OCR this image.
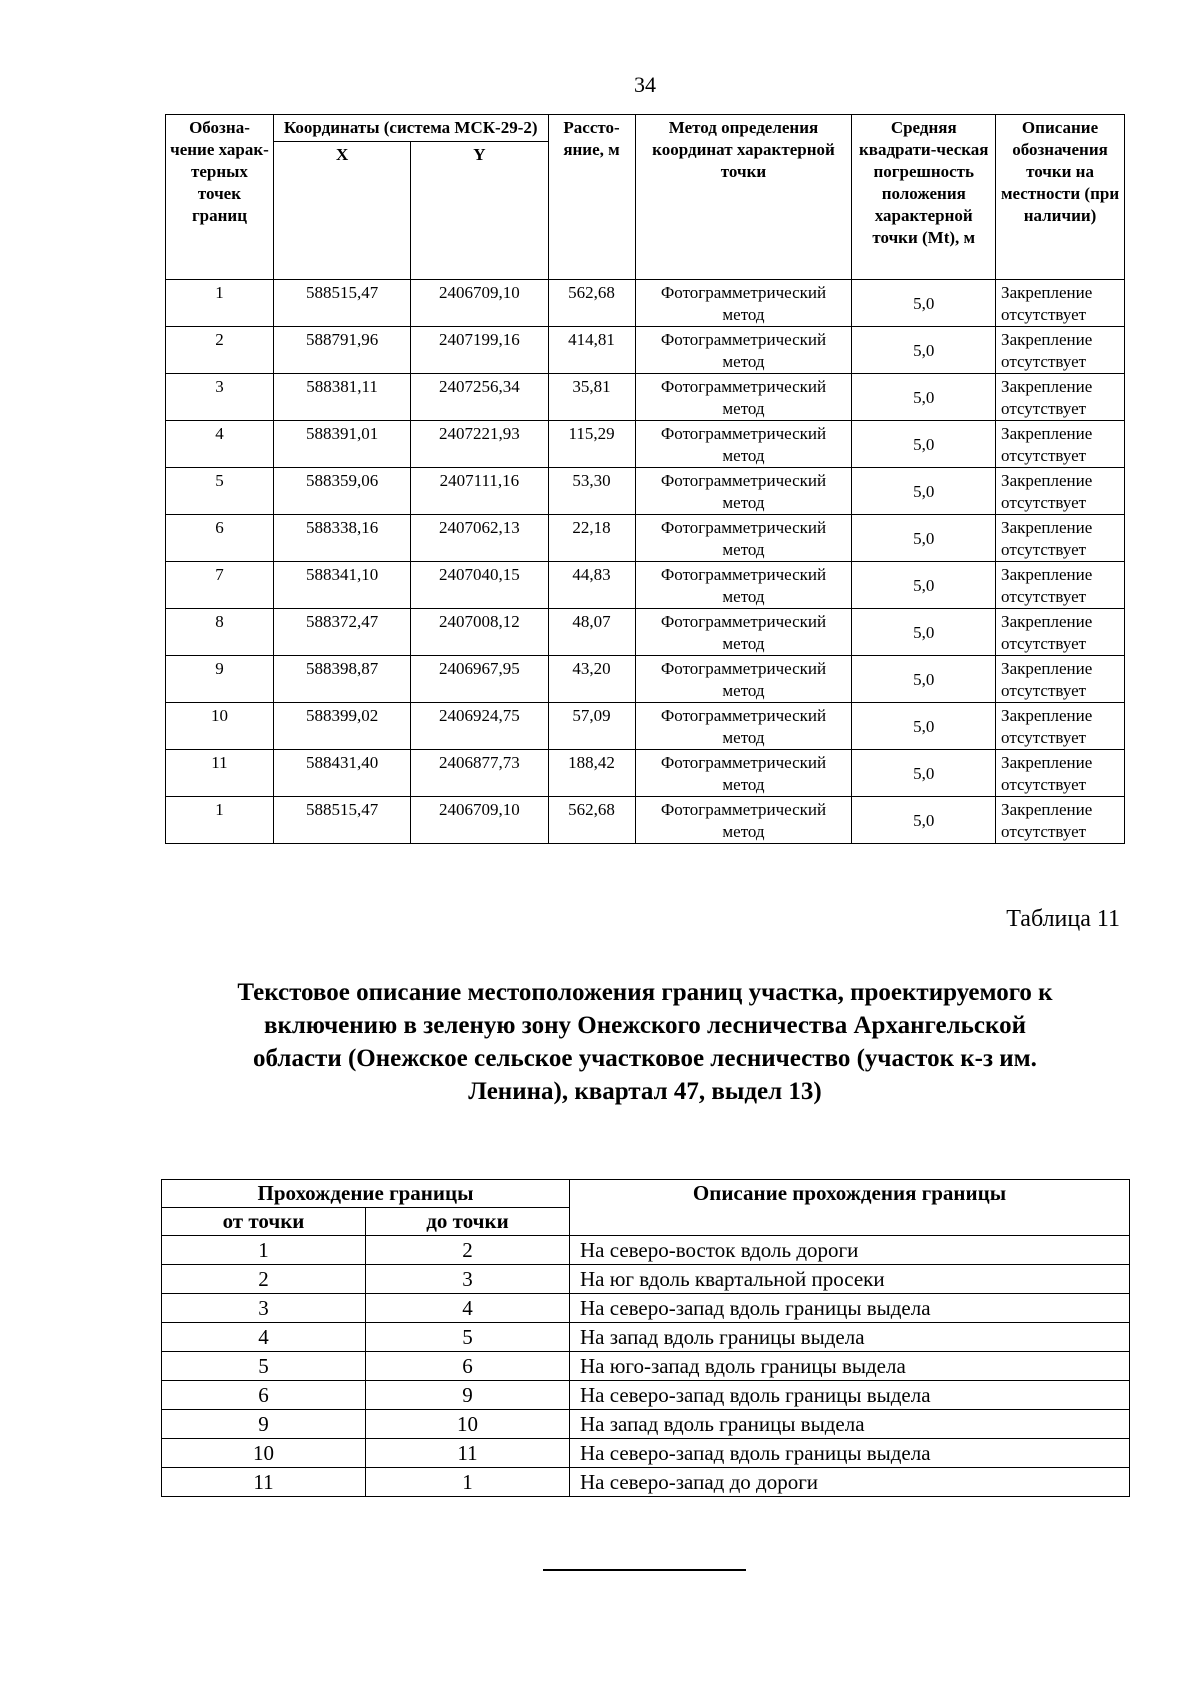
34
Обозна-чение харак-терных точек границ	Координаты (система МСК-29-2)		Рассто-яние, м	Метод определения координат характерной точки	Средняя квадрати-ческая погрешность положения характерной точки (Mt), м	Описание обозначения точки на местности (при наличии)
	X	Y				
1	588515,47	2406709,10	562,68	Фотограмметрический метод	5,0	Закрепление отсутствует
2	588791,96	2407199,16	414,81	Фотограмметрический метод	5,0	Закрепление отсутствует
3	588381,11	2407256,34	35,81	Фотограмметрический метод	5,0	Закрепление отсутствует
4	588391,01	2407221,93	115,29	Фотограмметрический метод	5,0	Закрепление отсутствует
5	588359,06	2407111,16	53,30	Фотограмметрический метод	5,0	Закрепление отсутствует
6	588338,16	2407062,13	22,18	Фотограмметрический метод	5,0	Закрепление отсутствует
7	588341,10	2407040,15	44,83	Фотограмметрический метод	5,0	Закрепление отсутствует
8	588372,47	2407008,12	48,07	Фотограмметрический метод	5,0	Закрепление отсутствует
9	588398,87	2406967,95	43,20	Фотограмметрический метод	5,0	Закрепление отсутствует
10	588399,02	2406924,75	57,09	Фотограмметрический метод	5,0	Закрепление отсутствует
11	588431,40	2406877,73	188,42	Фотограмметрический метод	5,0	Закрепление отсутствует
1	588515,47	2406709,10	562,68	Фотограмметрический метод	5,0	Закрепление отсутствует
Таблица 11
Текстовое описание местоположения границ участка, проектируемого к включению в зеленую зону Онежского лесничества Архангельской области (Онежское сельское участковое лесничество (участок к-з им. Ленина), квартал 47, выдел 13)
Прохождение границы		Описание прохождения границы
от точки	до точки	
1	2	На северо-восток вдоль дороги
2	3	На юг вдоль квартальной просеки
3	4	На северо-запад вдоль границы выдела
4	5	На запад вдоль границы выдела
5	6	На юго-запад вдоль границы выдела
6	9	На северо-запад вдоль границы выдела
9	10	На запад вдоль границы выдела
10	11	На северо-запад вдоль границы выдела
11	1	На северо-запад до дороги
